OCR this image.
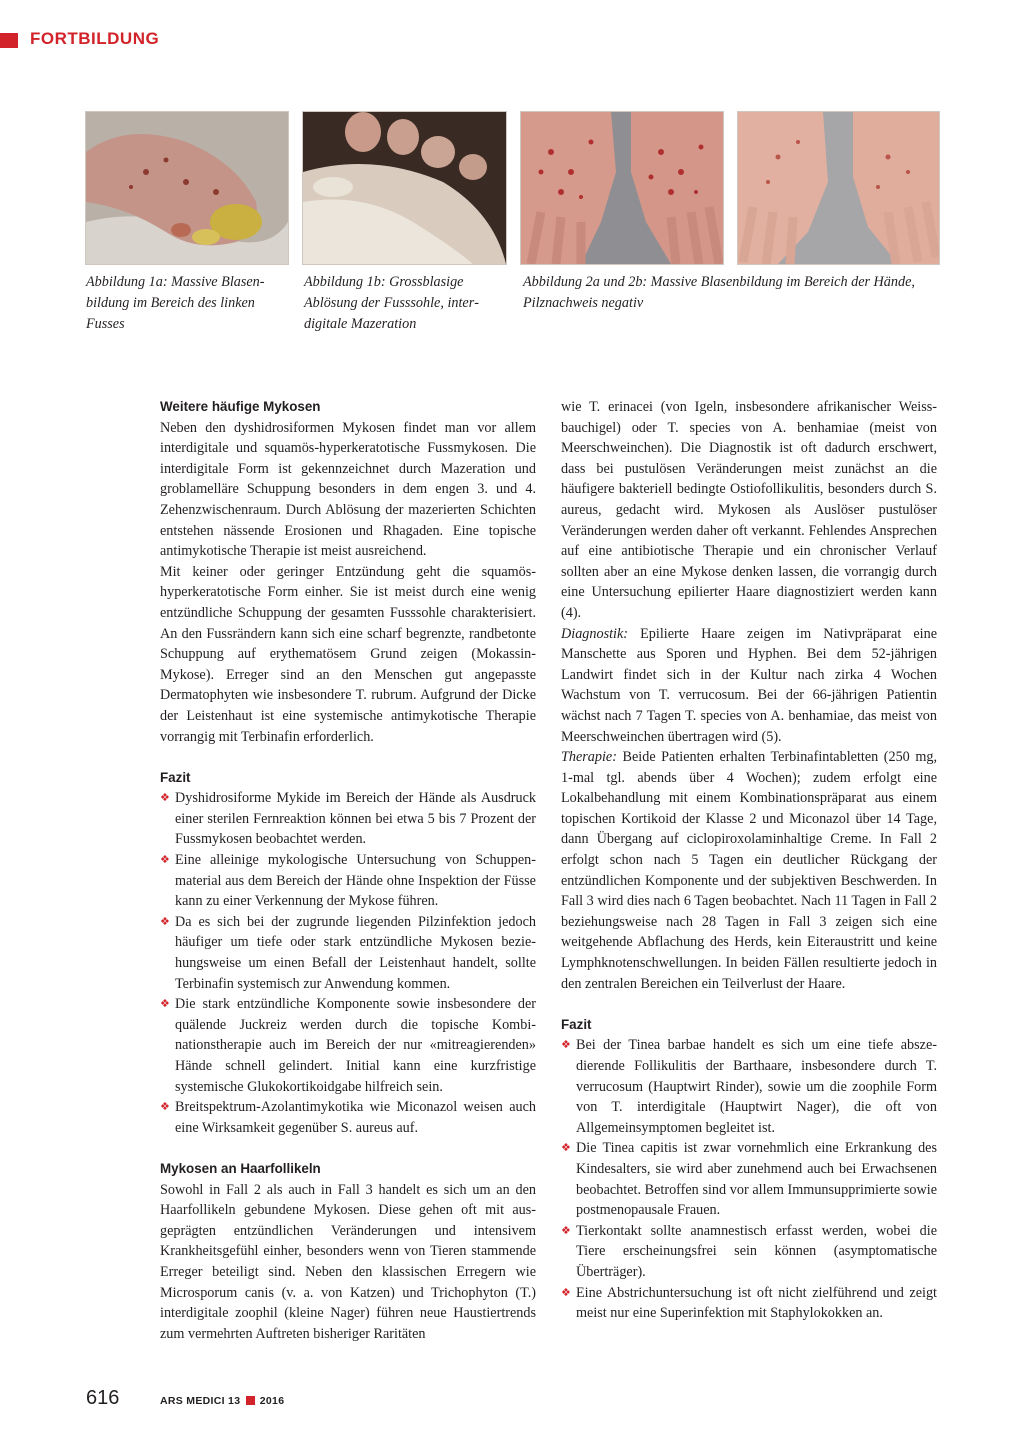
FORTBILDUNG
Abbildung 1a: Massive Blasenbildung im Bereich des linken Fusses
Abbildung 1b: Grossblasige Ablösung der Fusssohle, interdigitale Mazeration
Abbildung 2a und 2b: Massive Blasenbildung im Bereich der Hände, Pilznachweis negativ
Weitere häufige Mykosen

Neben den dyshidrosiformen Mykosen findet man vor allem interdigitale und squamös-hyperkeratotische Fussmykosen. Die interdigitale Form ist gekennzeichnet durch Mazeration und groblamelläre Schuppung besonders in dem engen 3. und 4. Zehenzwischenraum. Durch Ablösung der mazerierten Schichten entstehen nässende Erosionen und Rhagaden. Eine topische antimykotische Therapie ist meist ausreichend.

Mit keiner oder geringer Entzündung geht die squamös-hyperkeratotische Form einher. Sie ist meist durch eine wenig entzündliche Schuppung der gesamten Fusssohle charakterisiert. An den Fussrändern kann sich eine scharf begrenzte, randbetonte Schuppung auf erythematösem Grund zeigen (Mokassin-Mykose). Erreger sind an den Menschen gut angepasste Dermatophyten wie insbesondere T. rubrum. Aufgrund der Dicke der Leistenhaut ist eine systemische antimykotische Therapie vorrangig mit Terbinafin erforderlich.

Fazit

❖ Dyshidrosiforme Mykide im Bereich der Hände als Ausdruck einer sterilen Fernreaktion können bei etwa 5 bis 7 Prozent der Fussmykosen beobachtet werden.

❖ Eine alleinige mykologische Untersuchung von Schuppenmaterial aus dem Bereich der Hände ohne Inspektion der Füsse kann zu einer Verkennung der Mykose führen.

❖ Da es sich bei der zugrunde liegenden Pilzinfektion jedoch häufiger um tiefe oder stark entzündliche Mykosen beziehungsweise um einen Befall der Leistenhaut handelt, sollte Terbinafin systemisch zur Anwendung kommen.

❖ Die stark entzündliche Komponente sowie insbesondere der quälende Juckreiz werden durch die topische Kombinationstherapie auch im Bereich der nur «mitreagierenden» Hände schnell gelindert. Initial kann eine kurzfristige systemische Glukokortikoidgabe hilfreich sein.

❖ Breitspektrum-Azolantimykotika wie Miconazol weisen auch eine Wirksamkeit gegenüber S. aureus auf.

Mykosen an Haarfollikeln

Sowohl in Fall 2 als auch in Fall 3 handelt es sich um an den Haarfollikeln gebundene Mykosen. Diese gehen oft mit ausgeprägten entzündlichen Veränderungen und intensivem Krankheitsgefühl einher, besonders wenn von Tieren stammende Erreger beteiligt sind. Neben den klassischen Erregern wie Microsporum canis (v. a. von Katzen) und Trichophyton (T.) interdigitale zoophil (kleine Nager) führen neue Haustiertrends zum vermehrten Auftreten bisheriger Raritäten

wie T. erinacei (von Igeln, insbesondere afrikanischer Weissbauchigel) oder T. species von A. benhamiae (meist von Meerschweinchen). Die Diagnostik ist oft dadurch erschwert, dass bei pustulösen Veränderungen meist zunächst an die häufigere bakteriell bedingte Ostiofollikulitis, besonders durch S. aureus, gedacht wird. Mykosen als Auslöser pustulöser Veränderungen werden daher oft verkannt. Fehlendes Ansprechen auf eine antibiotische Therapie und ein chronischer Verlauf sollten aber an eine Mykose denken lassen, die vorrangig durch eine Untersuchung epilierter Haare diagnostiziert werden kann (4).

Diagnostik: Epilierte Haare zeigen im Nativpräparat eine Manschette aus Sporen und Hyphen. Bei dem 52-jährigen Landwirt findet sich in der Kultur nach zirka 4 Wochen Wachstum von T. verrucosum. Bei der 66-jährigen Patientin wächst nach 7 Tagen T. species von A. benhamiae, das meist von Meerschweinchen übertragen wird (5).

Therapie: Beide Patienten erhalten Terbinafintabletten (250 mg, 1-mal tgl. abends über 4 Wochen); zudem erfolgt eine Lokalbehandlung mit einem Kombinationspräparat aus einem topischen Kortikoid der Klasse 2 und Miconazol über 14 Tage, dann Übergang auf ciclopiroxolaminhaltige Creme. In Fall 2 erfolgt schon nach 5 Tagen ein deutlicher Rückgang der entzündlichen Komponente und der subjektiven Beschwerden. In Fall 3 wird dies nach 6 Tagen beobachtet. Nach 11 Tagen in Fall 2 beziehungsweise nach 28 Tagen in Fall 3 zeigen sich eine weitgehende Abflachung des Herds, kein Eiteraustritt und keine Lymphknotenschwellungen. In beiden Fällen resultierte jedoch in den zentralen Bereichen ein Teilverlust der Haare.

Fazit

❖ Bei der Tinea barbae handelt es sich um eine tiefe abszedierende Follikulitis der Barthaare, insbesondere durch T. verrucosum (Hauptwirt Rinder), sowie um die zoophile Form von T. interdigitale (Hauptwirt Nager), die oft von Allgemeinsymptomen begleitet ist.

❖ Die Tinea capitis ist zwar vornehmlich eine Erkrankung des Kindesalters, sie wird aber zunehmend auch bei Erwachsenen beobachtet. Betroffen sind vor allem Immunsupprimierte sowie postmenopausale Frauen.

❖ Tierkontakt sollte anamnestisch erfasst werden, wobei die Tiere erscheinungsfrei sein können (asymptomatische Überträger).

❖ Eine Abstrichuntersuchung ist oft nicht zielführend und zeigt meist nur eine Superinfektion mit Staphylokokken an.

616	ARS MEDICI 13 2016
